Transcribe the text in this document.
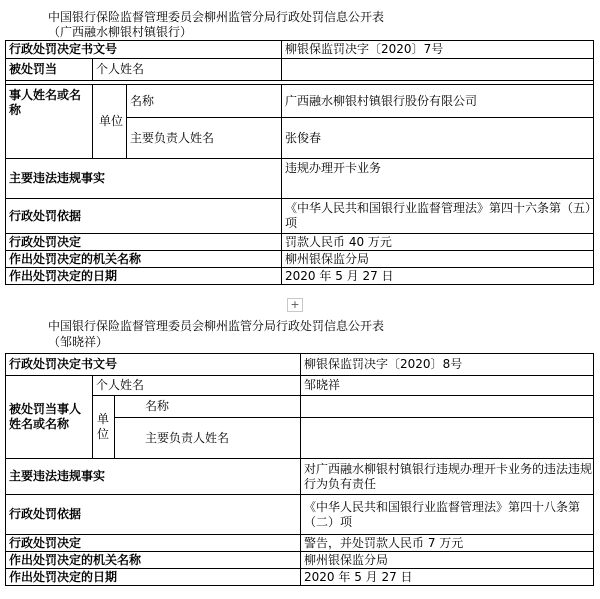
中国银行保险监督管理委员会柳州监管分局行政处罚信息公开表
（广西融水柳银村镇银行）
行政处罚决定书文号			柳银保监罚决字〔2020〕7号
被处罚当	个人姓名		

事人姓名或名称	单位	名称	广西融水柳银村镇银行股份有限公司
		主要负责人姓名	张俊春
主要违法违规事实			违规办理开卡业务
行政处罚依据			《中华人民共和国银行业监督管理法》第四十六条第（五）项
行政处罚决定			罚款人民币 40 万元
作出处罚决定的机关名称			柳州银保监分局
作出处罚决定的日期			2020 年 5 月 27 日
+
中国银行保险监督管理委员会柳州监管分局行政处罚信息公开表
（邹晓祥）
行政处罚决定书文号			柳银保监罚决字〔2020〕8号
被处罚当事人姓名或名称	个人姓名		邹晓祥
	单位	名称	
		主要负责人姓名	
主要违法违规事实			对广西融水柳银村镇银行违规办理开卡业务的违法违规行为负有责任
行政处罚依据			《中华人民共和国银行业监督管理法》第四十八条第（二）项
行政处罚决定			警告，并处罚款人民币 7 万元
作出处罚决定的机关名称			柳州银保监分局
作出处罚决定的日期			2020 年 5 月 27 日
